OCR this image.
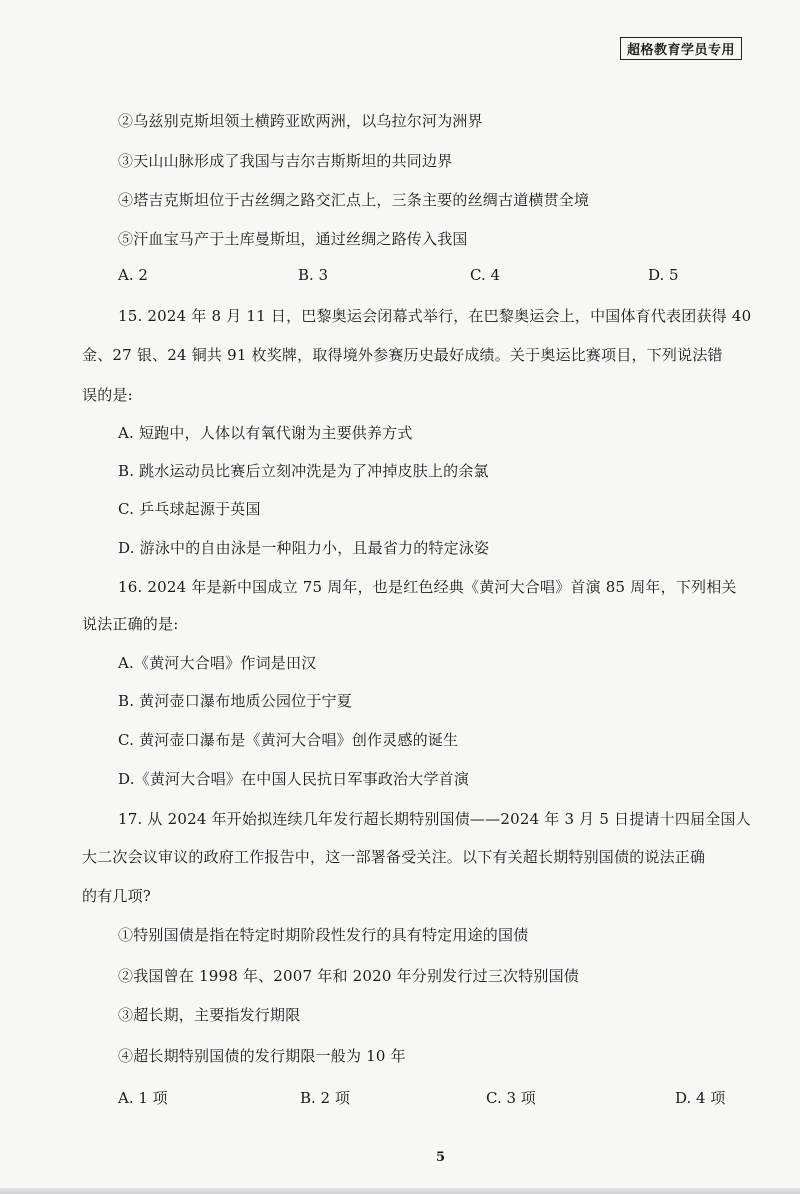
超格教育学员专用
②乌兹别克斯坦领土横跨亚欧两洲，以乌拉尔河为洲界
③天山山脉形成了我国与吉尔吉斯斯坦的共同边界
④塔吉克斯坦位于古丝绸之路交汇点上，三条主要的丝绸古道横贯全境
⑤汗血宝马产于土库曼斯坦，通过丝绸之路传入我国
A. 2	B. 3	C. 4	D. 5
15. 2024 年 8 月 11 日，巴黎奥运会闭幕式举行，在巴黎奥运会上，中国体育代表团获得 40
金、27 银、24 铜共 91 枚奖牌，取得境外参赛历史最好成绩。关于奥运比赛项目，下列说法错
误的是:
A. 短跑中，人体以有氧代谢为主要供养方式
B. 跳水运动员比赛后立刻冲洗是为了冲掉皮肤上的余氯
C. 乒乓球起源于英国
D. 游泳中的自由泳是一种阻力小，且最省力的特定泳姿
16. 2024 年是新中国成立 75 周年，也是红色经典《黄河大合唱》首演 85 周年，下列相关
说法正确的是:
A.《黄河大合唱》作词是田汉
B. 黄河壶口瀑布地质公园位于宁夏
C. 黄河壶口瀑布是《黄河大合唱》创作灵感的诞生
D.《黄河大合唱》在中国人民抗日军事政治大学首演
17. 从 2024 年开始拟连续几年发行超长期特别国债——2024 年 3 月 5 日提请十四届全国人
大二次会议审议的政府工作报告中，这一部署备受关注。以下有关超长期特别国债的说法正确
的有几项?
①特别国债是指在特定时期阶段性发行的具有特定用途的国债
②我国曾在 1998 年、2007 年和 2020 年分别发行过三次特别国债
③超长期，主要指发行期限
④超长期特别国债的发行期限一般为 10 年
A. 1 项	B. 2 项	C. 3 项	D. 4 项
5
